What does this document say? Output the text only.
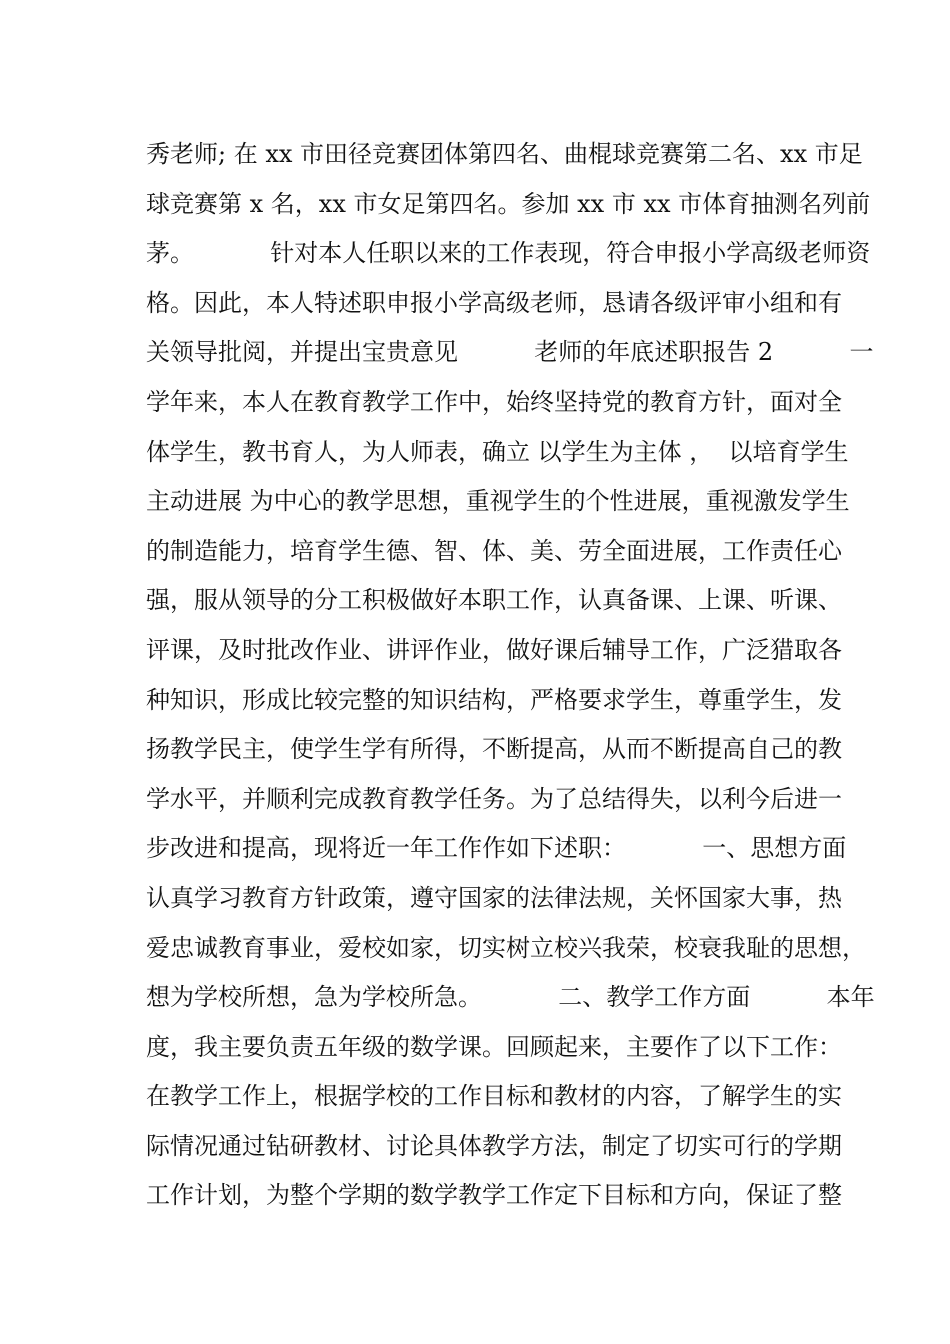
秀老师; 在 xx 市田径竞赛团体第四名、曲棍球竞赛第二名、xx 市足
球竞赛第 x 名，xx 市女足第四名。参加 xx 市 xx 市体育抽测名列前
茅。          针对本人任职以来的工作表现，符合申报小学高级老师资
格。因此，本人特述职申报小学高级老师，恳请各级评审小组和有
关领导批阅，并提出宝贵意见          老师的年底述职报告 2          一
学年来，本人在教育教学工作中，始终坚持党的教育方针，面对全
体学生，教书育人，为人师表，确立 以学生为主体 ，  以培育学生
主动进展 为中心的教学思想，重视学生的个性进展，重视激发学生
的制造能力，培育学生德、智、体、美、劳全面进展，工作责任心
强，服从领导的分工积极做好本职工作，认真备课、上课、听课、
评课，及时批改作业、讲评作业，做好课后辅导工作，广泛猎取各
种知识，形成比较完整的知识结构，严格要求学生，尊重学生，发
扬教学民主，使学生学有所得，不断提高，从而不断提高自己的教
学水平，并顺利完成教育教学任务。为了总结得失，以利今后进一
步改进和提高，现将近一年工作作如下述职：          一、思想方面
认真学习教育方针政策，遵守国家的法律法规，关怀国家大事，热
爱忠诚教育事业，爱校如家，切实树立校兴我荣，校衰我耻的思想，
想为学校所想，急为学校所急。          二、教学工作方面          本年
度，我主要负责五年级的数学课。回顾起来，主要作了以下工作：
在教学工作上，根据学校的工作目标和教材的内容，了解学生的实
际情况通过钻研教材、讨论具体教学方法，制定了切实可行的学期
工作计划，为整个学期的数学教学工作定下目标和方向，保证了整
